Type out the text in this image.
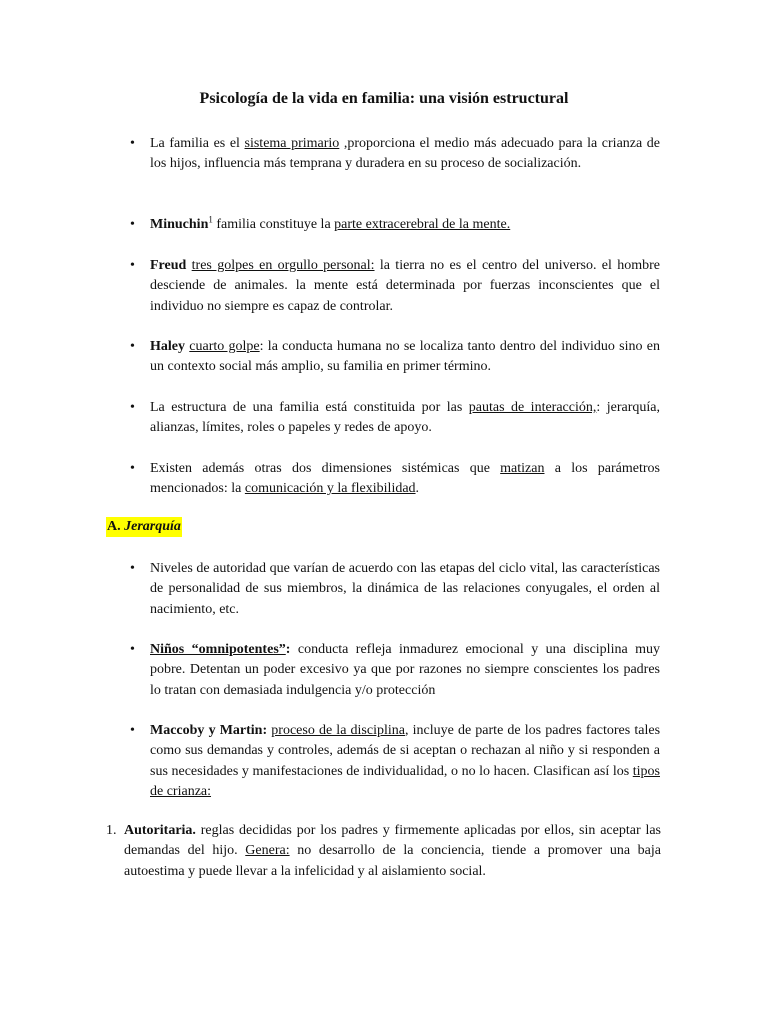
Psicología de la vida en familia: una visión estructural
• La familia es el sistema primario ,proporciona el medio más adecuado para la crianza de los hijos, influencia más temprana y duradera en su proceso de socialización.
• Minuchin$^1$ familia constituye la parte extracerebral de la mente.
• Freud tres golpes en orgullo personal: la tierra no es el centro del universo. el hombre desciende de animales. la mente está determinada por fuerzas inconscientes que el individuo no siempre es capaz de controlar.
• Haley cuarto golpe: la conducta humana no se localiza tanto dentro del individuo sino en un contexto social más amplio, su familia en primer término.
• La estructura de una familia está constituida por las pautas de interacción,: jerarquía, alianzas, límites, roles o papeles y redes de apoyo.
• Existen además otras dos dimensiones sistémicas que matizan a los parámetros mencionados: la comunicación y la flexibilidad.
A. Jerarquía
• Niveles de autoridad que varían de acuerdo con las etapas del ciclo vital, las características de personalidad de sus miembros, la dinámica de las relaciones conyugales, el orden al nacimiento, etc.
• Niños “omnipotentes”: conducta refleja inmadurez emocional y una disciplina muy pobre. Detentan un poder excesivo ya que por razones no siempre conscientes los padres lo tratan con demasiada indulgencia y/o protección
• Maccoby y Martin: proceso de la disciplina, incluye de parte de los padres factores tales como sus demandas y controles, además de si aceptan o rechazan al niño y si responden a sus necesidades y manifestaciones de individualidad, o no lo hacen. Clasifican así los tipos de crianza:
1. Autoritaria. reglas decididas por los padres y firmemente aplicadas por ellos, sin aceptar las demandas del hijo. Genera: no desarrollo de la conciencia, tiende a promover una baja autoestima y puede llevar a la infelicidad y al aislamiento social.
